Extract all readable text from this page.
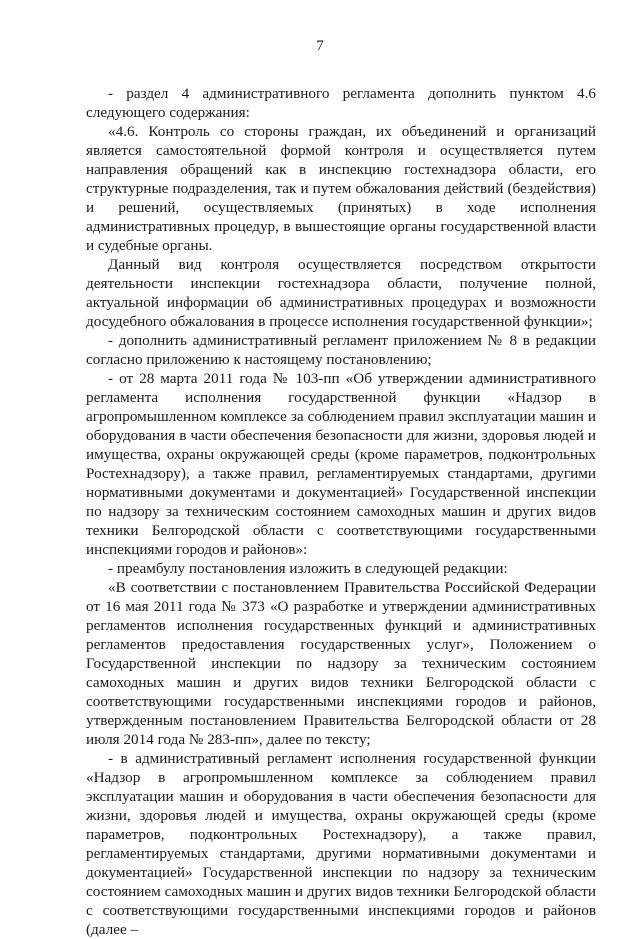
7

- раздел 4 административного регламента дополнить пунктом 4.6 следующего содержания:

«4.6. Контроль со стороны граждан, их объединений и организаций является самостоятельной формой контроля и осуществляется путем направления обращений как в инспекцию гостехнадзора области, его структурные подразделения, так и путем обжалования действий (бездействия) и решений, осуществляемых (принятых) в ходе исполнения административных процедур, в вышестоящие органы государственной власти и судебные органы.

Данный вид контроля осуществляется посредством открытости деятельности инспекции гостехнадзора области, получение полной, актуальной информации об административных процедурах и возможности досудебного обжалования в процессе исполнения государственной функции»;

- дополнить административный регламент приложением № 8 в редакции согласно приложению к настоящему постановлению;

- от 28 марта 2011 года № 103-пп «Об утверждении административного регламента исполнения государственной функции «Надзор в агропромышленном комплексе за соблюдением правил эксплуатации машин и оборудования в части обеспечения безопасности для жизни, здоровья людей и имущества, охраны окружающей среды (кроме параметров, подконтрольных Ростехнадзору), а также правил, регламентируемых стандартами, другими нормативными документами и документацией» Государственной инспекции по надзору за техническим состоянием самоходных машин и других видов техники Белгородской области с соответствующими государственными инспекциями городов и районов»:

- преамбулу постановления изложить в следующей редакции:

«В соответствии с постановлением Правительства Российской Федерации от 16 мая 2011 года № 373 «О разработке и утверждении административных регламентов исполнения государственных функций и административных регламентов предоставления государственных услуг», Положением о Государственной инспекции по надзору за техническим состоянием самоходных машин и других видов техники Белгородской области с соответствующими государственными инспекциями городов и районов, утвержденным постановлением Правительства Белгородской области от 28 июля 2014 года № 283-пп», далее по тексту;

- в административный регламент исполнения государственной функции «Надзор в агропромышленном комплексе за соблюдением правил эксплуатации машин и оборудования в части обеспечения безопасности для жизни, здоровья людей и имущества, охраны окружающей среды (кроме параметров, подконтрольных Ростехнадзору), а также правил, регламентируемых стандартами, другими нормативными документами и документацией» Государственной инспекции по надзору за техническим состоянием самоходных машин и других видов техники Белгородской области с соответствующими государственными инспекциями городов и районов (далее –
